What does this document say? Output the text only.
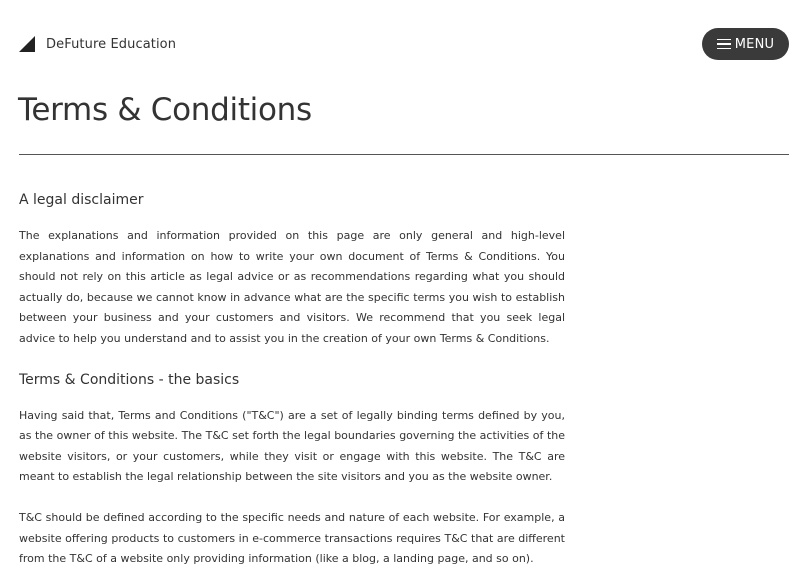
DeFuture Education	MENU
Terms & Conditions
A legal disclaimer

The explanations and information provided on this page are only general and high-level explanations and information on how to write your own document of Terms & Conditions. You should not rely on this article as legal advice or as recommendations regarding what you should actually do, because we cannot know in advance what are the specific terms you wish to establish between your business and your customers and visitors. We recommend that you seek legal advice to help you understand and to assist you in the creation of your own Terms & Conditions.

Terms & Conditions - the basics

Having said that, Terms and Conditions ("T&C") are a set of legally binding terms defined by you, as the owner of this website. The T&C set forth the legal boundaries governing the activities of the website visitors, or your customers, while they visit or engage with this website. The T&C are meant to establish the legal relationship between the site visitors and you as the website owner.

T&C should be defined according to the specific needs and nature of each website. For example, a website offering products to customers in e-commerce transactions requires T&C that are different from the T&C of a website only providing information (like a blog, a landing page, and so on).
